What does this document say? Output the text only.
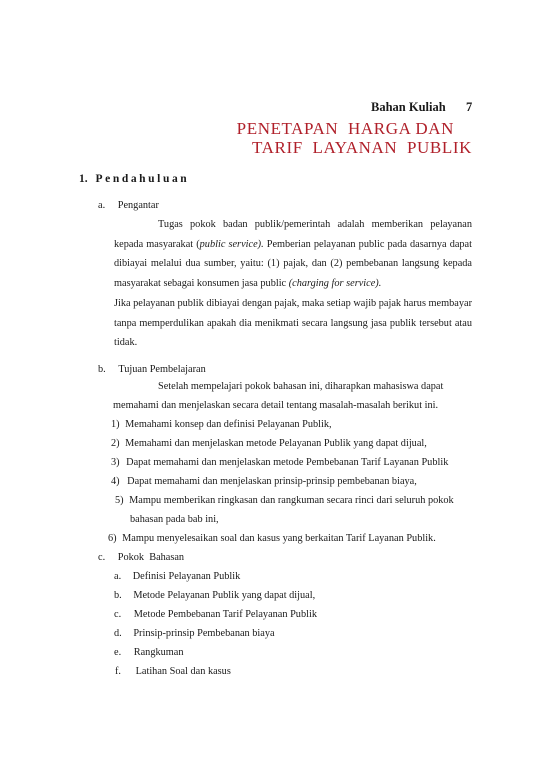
Bahan Kuliah 7
PENETAPAN  HARGA DAN
TARIF  LAYANAN  PUBLIK
1. Pendahuluan
a. Pengantar
Tugas pokok badan publik/pemerintah adalah memberikan pelayanan kepada masyarakat (public service). Pemberian pelayanan public pada dasarnya dapat dibiayai melalui dua sumber, yaitu: (1) pajak, dan (2) pembebanan langsung kepada masyarakat sebagai konsumen jasa public (charging for service).
Jika pelayanan publik dibiayai dengan pajak, maka setiap wajib pajak harus membayar tanpa memperdulikan apakah dia menikmati secara langsung jasa publik tersebut atau tidak.
b. Tujuan Pembelajaran
Setelah mempelajari pokok bahasan ini, diharapkan mahasiswa dapat
memahami dan menjelaskan secara detail tentang masalah-masalah berikut ini.
1) Memahami konsep dan definisi Pelayanan Publik,
2) Memahami dan menjelaskan metode Pelayanan Publik yang dapat dijual,
3) Dapat memahami dan menjelaskan metode Pembebanan Tarif Layanan Publik
4) Dapat memahami dan menjelaskan prinsip-prinsip pembebanan biaya,
5) Mampu memberikan ringkasan dan rangkuman secara rinci dari seluruh pokok
bahasan pada bab ini,
6) Mampu menyelesaikan soal dan kasus yang berkaitan Tarif Layanan Publik.
c. Pokok  Bahasan
a. Definisi Pelayanan Publik
b. Metode Pelayanan Publik yang dapat dijual,
c. Metode Pembebanan Tarif Pelayanan Publik
d. Prinsip-prinsip Pembebanan biaya
e. Rangkuman
f. Latihan Soal dan kasus
